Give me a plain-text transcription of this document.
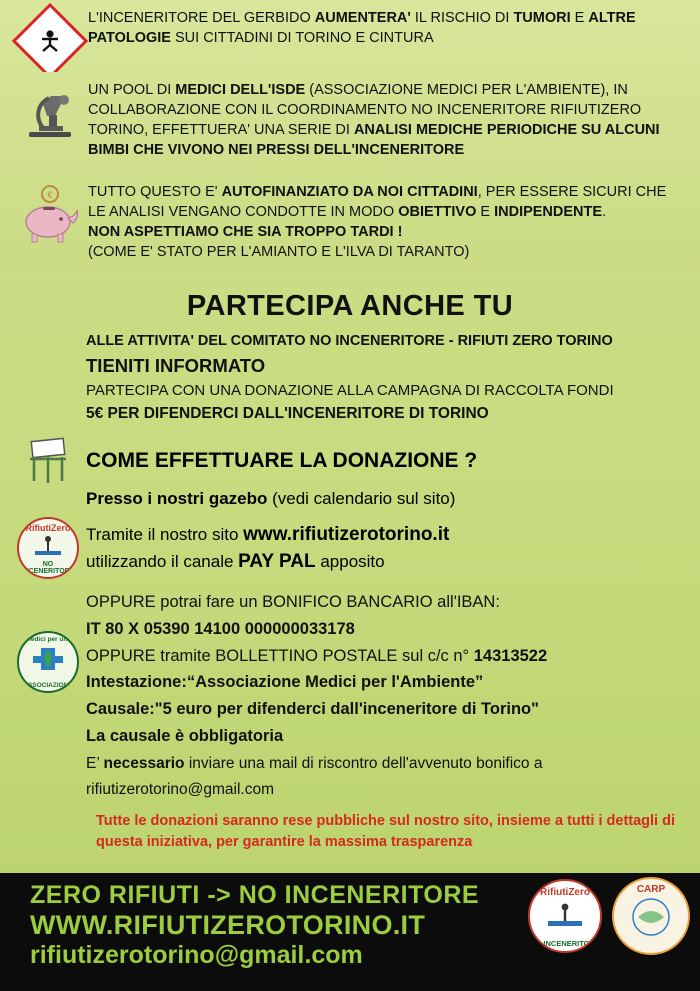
L'INCENERITORE DEL GERBIDO AUMENTERA' IL RISCHIO DI TUMORI E ALTRE PATOLOGIE SUI CITTADINI DI TORINO E CINTURA
UN POOL DI MEDICI DELL'ISDE (ASSOCIAZIONE MEDICI PER L'AMBIENTE), IN COLLABORAZIONE CON IL COORDINAMENTO NO INCENERITORE RIFIUTIZERO TORINO, EFFETTUERA' UNA SERIE DI ANALISI MEDICHE PERIODICHE SU ALCUNI BIMBI CHE VIVONO NEI PRESSI DELL'INCENERITORE
€ TUTTO QUESTO E' AUTOFINANZIATO DA NOI CITTADINI, PER ESSERE SICURI CHE LE ANALISI VENGANO CONDOTTE IN MODO OBIETTIVO E INDIPENDENTE.
NON ASPETTIAMO CHE SIA TROPPO TARDI !
(COME E' STATO PER L'AMIANTO E L'ILVA DI TARANTO)
PARTECIPA ANCHE TU
ALLE ATTIVITA' DEL COMITATO NO INCENERITORE - RIFIUTI ZERO TORINO
TIENITI INFORMATO
PARTECIPA CON UNA DONAZIONE ALLA CAMPAGNA DI RACCOLTA FONDI
5€ PER DIFENDERCI DALL'INCENERITORE DI TORINO
COME EFFETTUARE LA DONAZIONE ?
Presso i nostri gazebo (vedi calendario sul sito)
RifiutiZero
NO INCENERITORE
Tramite il nostro sito www.rifiutizerotorino.it
utilizzando il canale PAY PAL apposito
medici per una
ASSOCIAZIONE
OPPURE potrai fare un BONIFICO BANCARIO all'IBAN:
IT 80 X 05390 14100 000000033178
OPPURE tramite BOLLETTINO POSTALE sul c/c n° 14313522
Intestazione:“Associazione Medici per l'Ambiente”
Causale:"5 euro per difenderci dall'inceneritore di Torino"
La causale è obbligatoria
E’ necessario inviare una mail di riscontro dell'avvenuto bonifico a
rifiutizerotorino@gmail.com
Tutte le donazioni saranno rese pubbliche sul nostro sito, insieme a tutti i dettagli di questa iniziativa, per garantire la massima trasparenza
ZERO RIFIUTI -> NO INCENERITORE
WWW.RIFIUTIZEROTORINO.IT
rifiutizerotorino@gmail.com
RifiutiZero
NO INCENERITORE
CARP
